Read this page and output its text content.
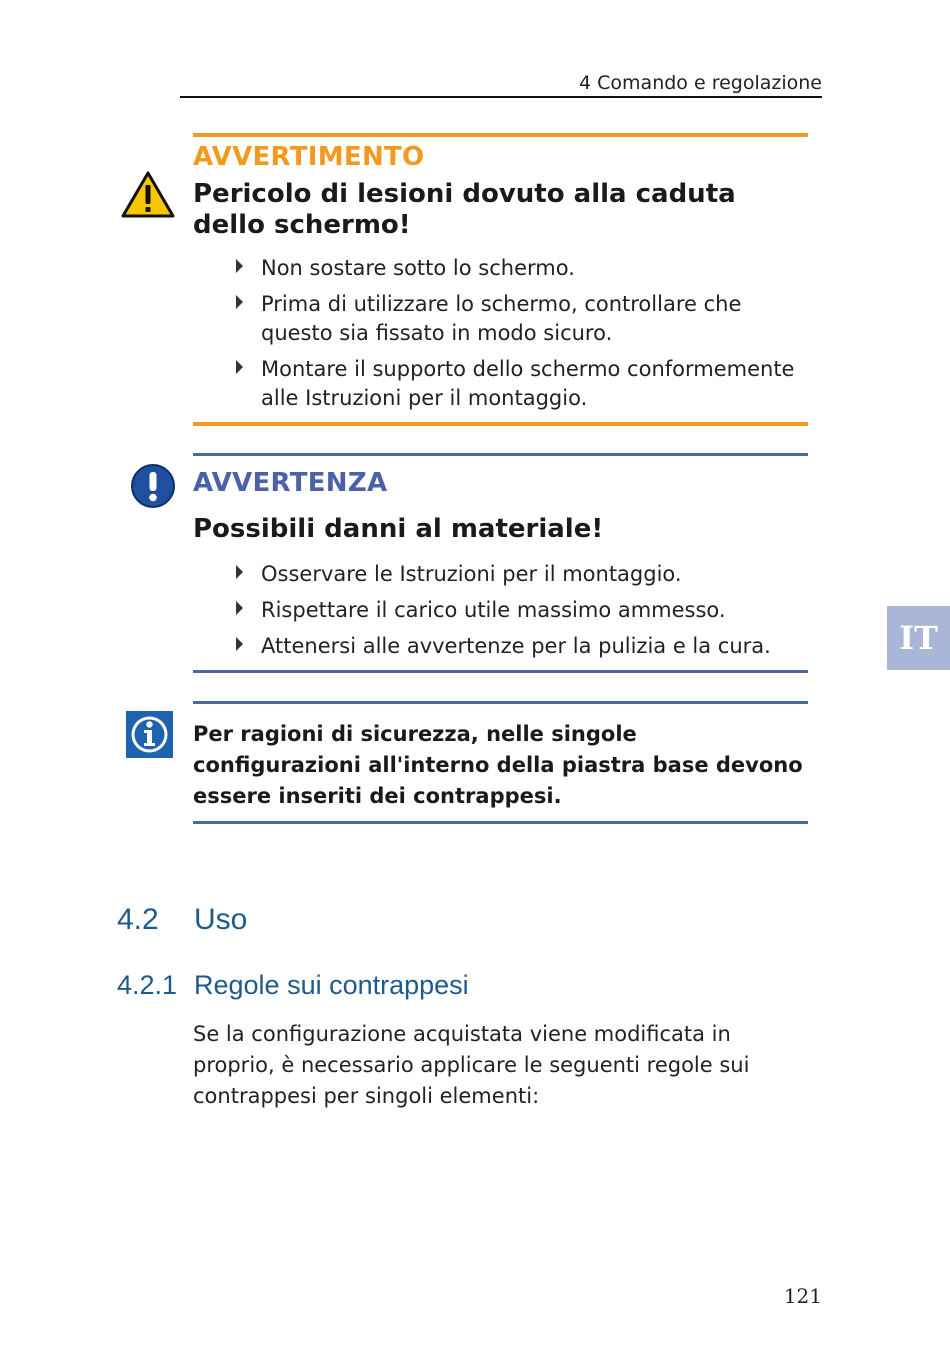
4 Comando e regolazione
AVVERTIMENTO
Pericolo di lesioni dovuto alla caduta dello schermo!
Non sostare sotto lo schermo.
Prima di utilizzare lo schermo, controllare che questo sia fissato in modo sicuro.
Montare il supporto dello schermo conformemente alle Istruzioni per il montaggio.
AVVERTENZA
Possibili danni al materiale!
Osservare le Istruzioni per il montaggio.
Rispettare il carico utile massimo ammesso.
Attenersi alle avvertenze per la pulizia e la cura.
Per ragioni di sicurezza, nelle singole configurazioni all'interno della piastra base devono essere inseriti dei contrappesi.
IT
4.2 Uso
4.2.1 Regole sui contrappesi
Se la configurazione acquistata viene modificata in proprio, è necessario applicare le seguenti regole sui contrappesi per singoli elementi:
121
